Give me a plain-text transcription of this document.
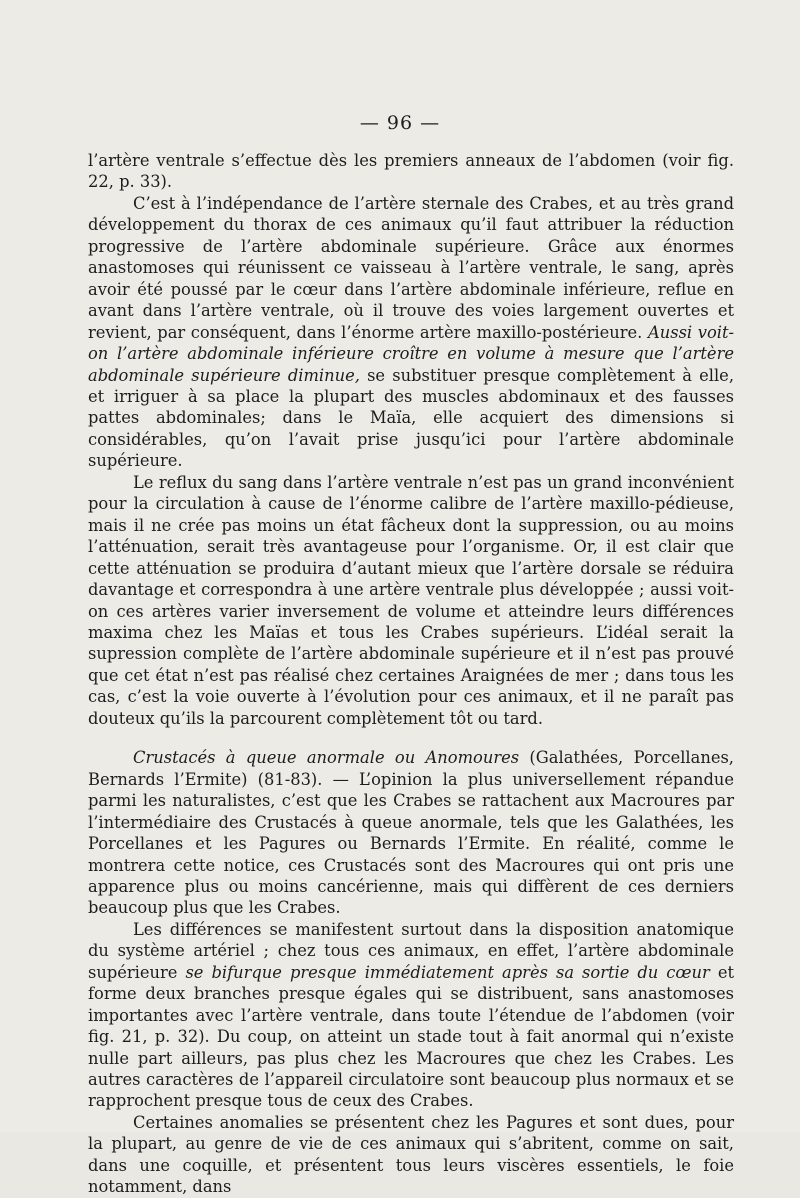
— 96 —

l’artère ventrale s’effectue dès les premiers anneaux de l’abdomen (voir fig. 22, p. 33).

C’est à l’indépendance de l’artère sternale des Crabes, et au très grand développement du thorax de ces animaux qu’il faut attribuer la réduction progressive de l’artère abdominale supérieure. Grâce aux énormes anastomoses qui réunissent ce vaisseau à l’artère ventrale, le sang, après avoir été poussé par le cœur dans l’artère abdominale inférieure, reflue en avant dans l’artère ventrale, où il trouve des voies largement ouvertes et revient, par conséquent, dans l’énorme artère maxillo-postérieure. Aussi voit-on l’artère abdominale inférieure croître en volume à mesure que l’artère abdominale supérieure diminue, se substituer presque complètement à elle, et irriguer à sa place la plupart des muscles abdominaux et des fausses pattes abdominales; dans le Maïa, elle acquiert des dimensions si considérables, qu’on l’avait prise jusqu’ici pour l’artère abdominale supérieure.

Le reflux du sang dans l’artère ventrale n’est pas un grand inconvénient pour la circulation à cause de l’énorme calibre de l’artère maxillo-pédieuse, mais il ne crée pas moins un état fâcheux dont la suppression, ou au moins l’atténuation, serait très avantageuse pour l’organisme. Or, il est clair que cette atténuation se produira d’autant mieux que l’artère dorsale se réduira davantage et correspondra à une artère ventrale plus développée ; aussi voit-on ces artères varier inversement de volume et atteindre leurs différences maxima chez les Maïas et tous les Crabes supérieurs. L’idéal serait la supression complète de l’artère abdominale supérieure et il n’est pas prouvé que cet état n’est pas réalisé chez certaines Araignées de mer ; dans tous les cas, c’est la voie ouverte à l’évolution pour ces animaux, et il ne paraît pas douteux qu’ils la parcourent complètement tôt ou tard.

Crustacés à queue anormale ou Anomoures (Galathées, Porcellanes, Bernards l’Ermite) (81-83). — L’opinion la plus universellement répandue parmi les naturalistes, c’est que les Crabes se rattachent aux Macroures par l’intermédiaire des Crustacés à queue anormale, tels que les Galathées, les Porcellanes et les Pagures ou Bernards l’Ermite. En réalité, comme le montrera cette notice, ces Crustacés sont des Macroures qui ont pris une apparence plus ou moins cancérienne, mais qui diffèrent de ces derniers beaucoup plus que les Crabes.

Les différences se manifestent surtout dans la disposition anatomique du système artériel ; chez tous ces animaux, en effet, l’artère abdominale supérieure se bifurque presque immédiatement après sa sortie du cœur et forme deux branches presque égales qui se distribuent, sans anastomoses importantes avec l’artère ventrale, dans toute l’étendue de l’abdomen (voir fig. 21, p. 32). Du coup, on atteint un stade tout à fait anormal qui n’existe nulle part ailleurs, pas plus chez les Macroures que chez les Crabes. Les autres caractères de l’appareil circulatoire sont beaucoup plus normaux et se rapprochent presque tous de ceux des Crabes.

Certaines anomalies se présentent chez les Pagures et sont dues, pour la plupart, au genre de vie de ces animaux qui s’abritent, comme on sait, dans une coquille, et présentent tous leurs viscères essentiels, le foie notamment, dans
